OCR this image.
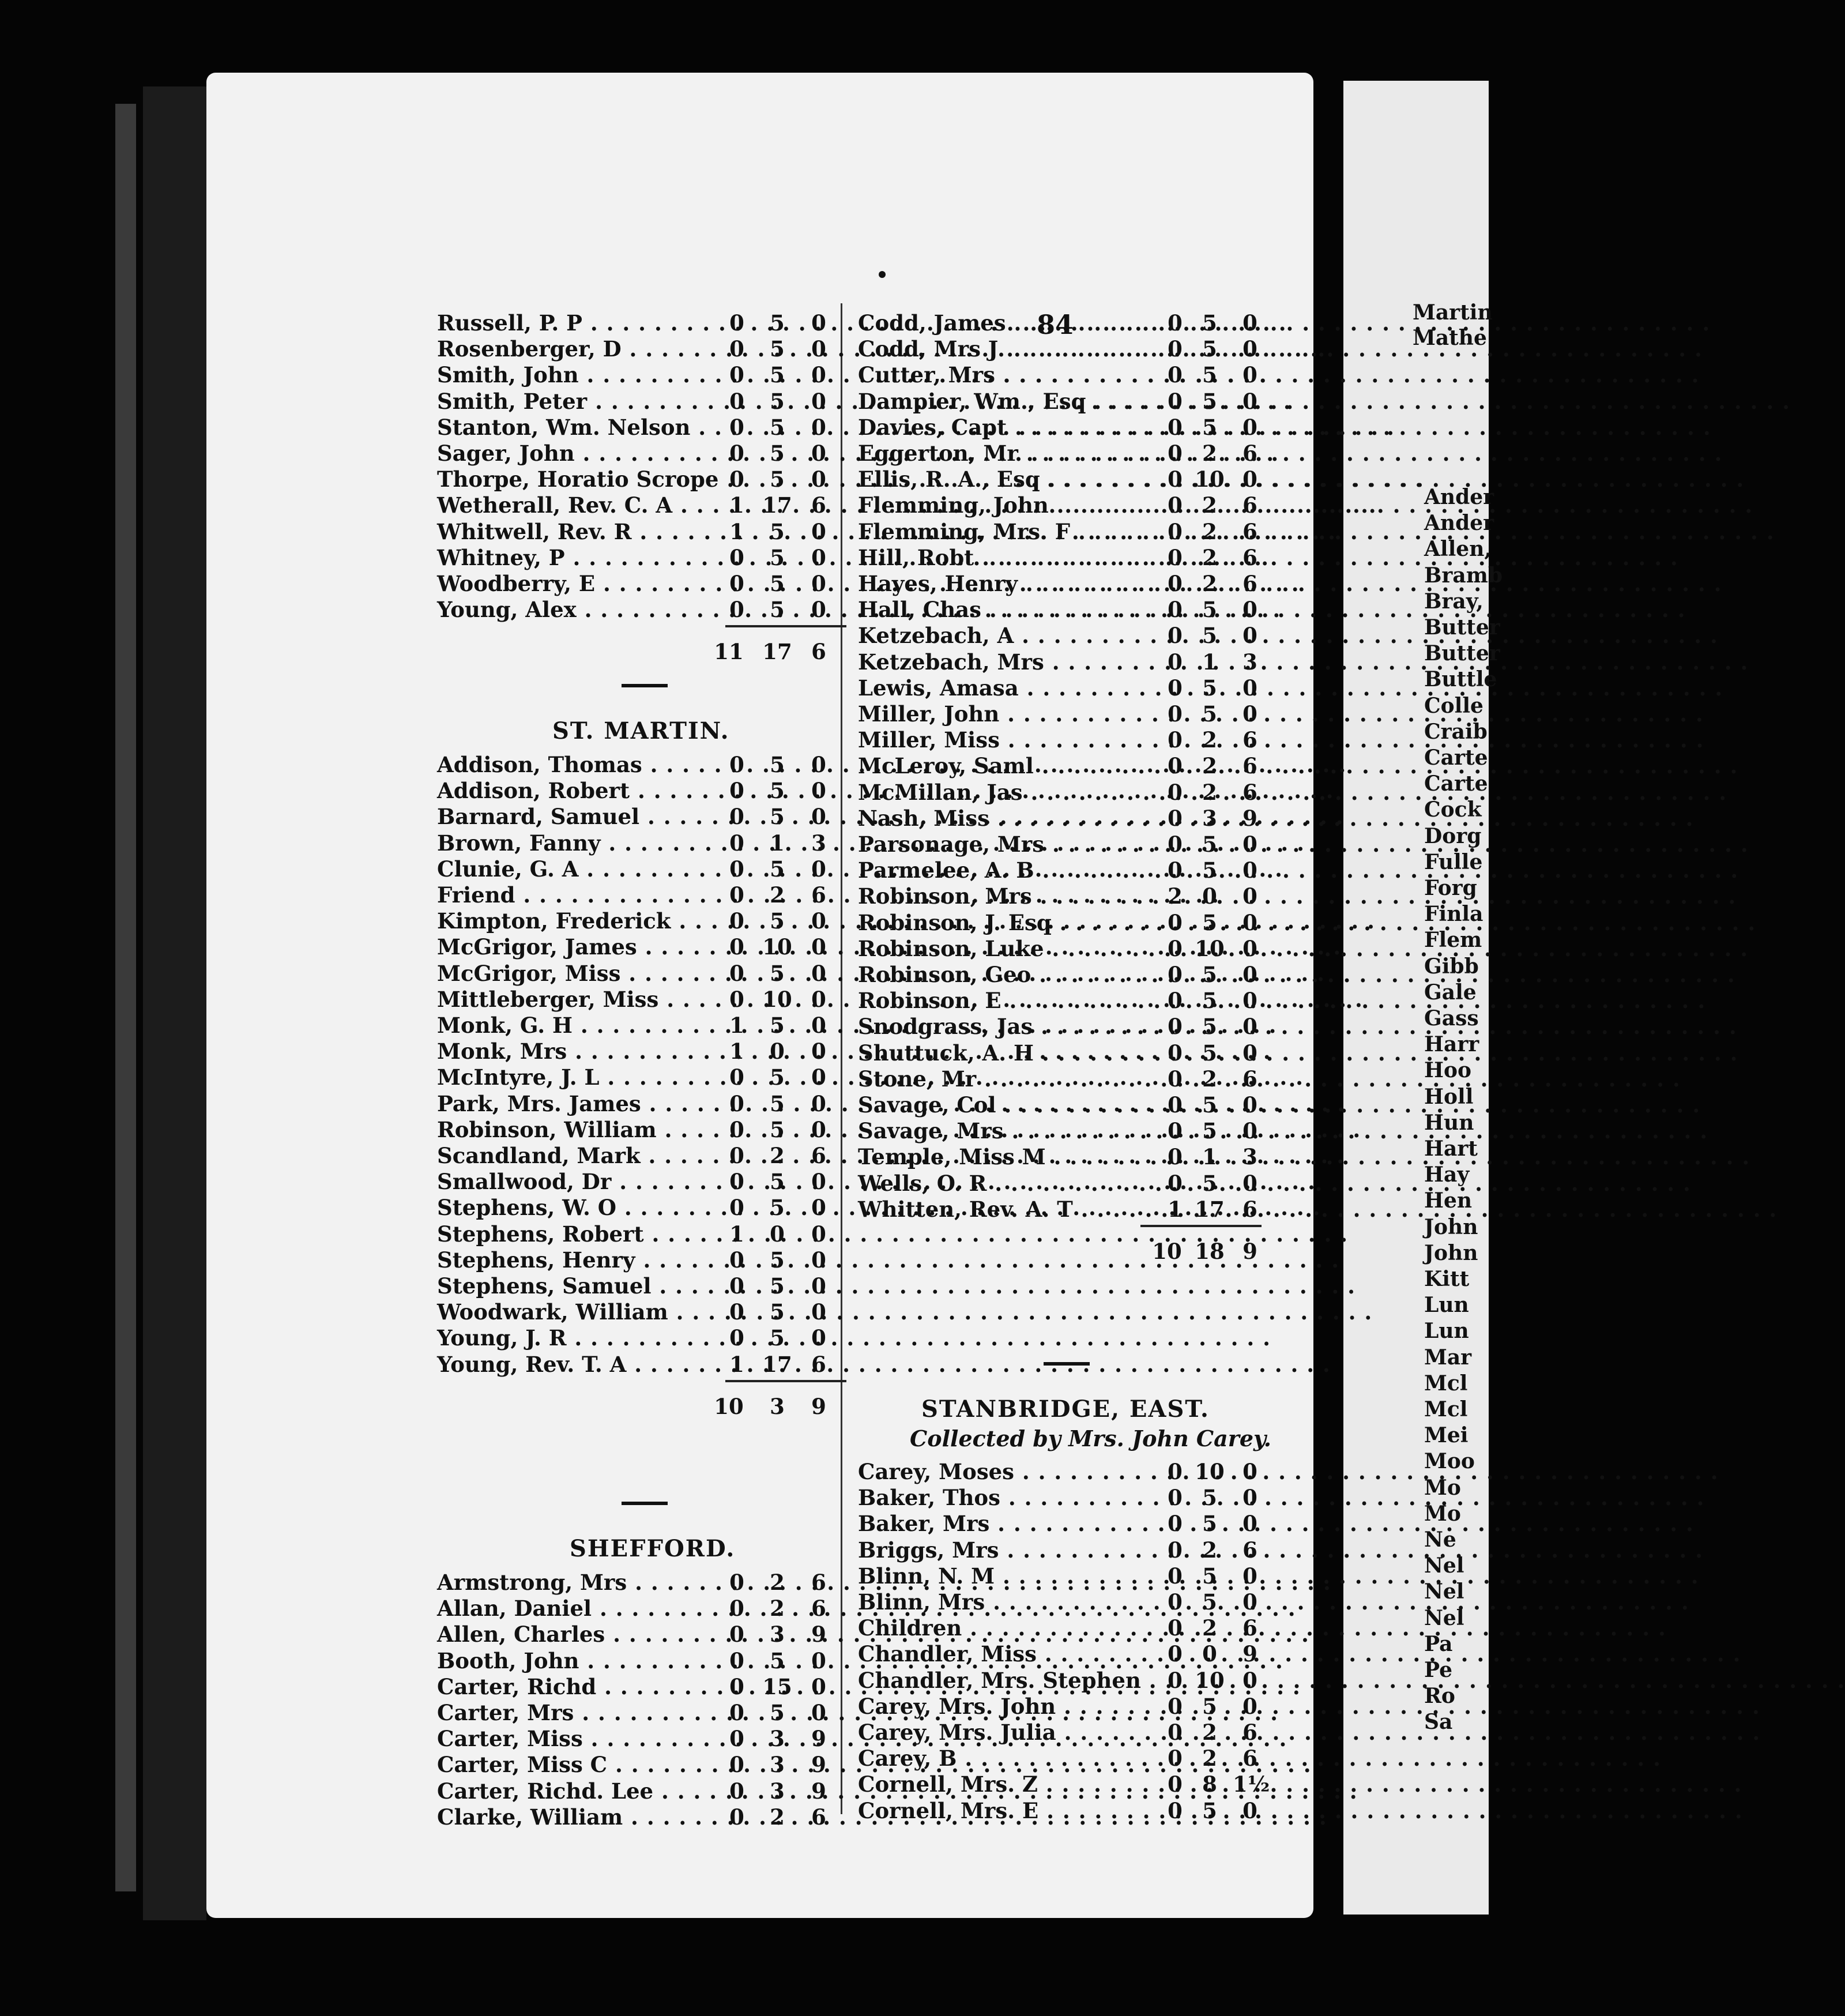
Martin
Mathe
Ander
Ander
Allen,
Bramb
Bray,
Butter
Butter
Buttle
Colle
Craib
Carte
Carte
Cock
Dorg
Fulle
Forg
Finla
Flem
Gibb
Gale
Gass
Harr
Hoo
Holl
Hun
Hart
Hay
Hen
John
John
Kitt
Lun
Lun
Mar
Mcl
Mcl
Mei
Moo
Mo
Mo
Ne
Nel
Nel
Nel
Pa
Pe
Ro
Sa
84
Russell, P. P . . .	0	5	0
Rosenberger, D . . .	0	5	0
Smith, John . . .	0	5	0
Smith, Peter . . .	0	5	0
Stanton, Wm. Nelson . . .	0	5	0
Sager, John . . .	0	5	0
Thorpe, Horatio Scrope . . . 0	5	0
Wetherall, Rev. C. A . . .	1 17 6
Whitwell, Rev. R . . .	1	5	0
Whitney, P . . .	0	5	0
Woodberry, E . . .	0	5	0
Young, Alex . . .	0	5	0
11 17 6
ST. MARTIN.
Addison, Thomas . . .	0	5	0
Addison, Robert . . .	0	5	0
Barnard, Samuel . . .	0	5	0
Brown, Fanny . . .	0	1	3
Clunie, G. A . . .	0	5	0
Friend . . .	0	2	6
Kimpton, Frederick . . .	0	5	0
McGrigor, James . . .	0 10 0
McGrigor, Miss . . .	0	5	0
Mittleberger, Miss . . .	0 10 0
Monk, G. H . . .	1	5	0
Monk, Mrs . . .	1	0	0
McIntyre, J. L . . .	0	5	0
Park, Mrs. James . . .	0	5	0
Robinson, William . . .	0	5	0
Scandland, Mark . . .	0	2	6
Smallwood, Dr . . .	0	5	0
Stephens, W. O . . .	0	5	0
Stephens, Robert . . .	1	0	0
Stephens, Henry . . .	0	5	0
Stephens, Samuel . . .	0	5	0
Woodwark, William . . .	0	5	0
Young, J. R . . .	0	5	0
Young, Rev. T. A . . .	1 17 6
10	3	9
SHEFFORD.
Armstrong, Mrs . . .	0	2	6
Allan, Daniel . . .	0	2	6
Allen, Charles . . .	0	3	9
Booth, John . . .	0	5	0
Carter, Richd . . .	0 15 0
Carter, Mrs . . .	0	5	0
Carter, Miss . . .	0	3	9
Carter, Miss C . . .	0	3	9
Carter, Richd. Lee . . .	0	3	9
Clarke, William . . .	0	2	6
Codd, James . . .	0 5	0
Codd, Mrs J . . .	0 5	0
Cutter, Mrs . . .	0 5	0
Dampier, Wm., Esq . . .	0 5	0
Davies, Capt . . .	0 5	0
Eggerton, Mr . . .	0 2	6
Ellis, R. A., Esq . . .	0 10 0
Flemming, John . . .	0 2	6
Flemming, Mrs. F . . .	0 2	6
Hill, Robt . . .	0 2	6
Hayes, Henry . . .	0 2	6
Hall, Chas . . .	0 5	0
Ketzebach, A . . .	0 5	0
Ketzebach, Mrs . . .	0 1	3
Lewis, Amasa . . .	0 5	0
Miller, John . . .	0 5	0
Miller, Miss . . .	0 2	6
McLeroy, Saml . . .	0 2	6
McMillan, Jas . . .	0 2	6
Nash, Miss . . .	0 3	9
Parsonage, Mrs . . .	0 5	0
Parmelee, A. B . . .	0 5	0
Robinson, Mrs . . .	2 0	0
Robinson, J. Esq . . .	0 5	0
Robinson, Luke . . .	0 10 0
Robinson, Geo . . .	0 5	0
Robinson, E . . .	0 5	0
Snodgrass, Jas . . .	0 5	0
Shuttuck, A. H . . .	0 5	0
Stone, Mr . . .	0 2	6
Savage, Col . . .	0 5	0
Savage, Mrs . . .	0 5	0
Temple, Miss M . . .	0 1	3
Wells, O. R . . .	0 5	0
Whitten, Rev. A. T . . .	1 17 6
10 18 9
STANBRIDGE, EAST.
Collected by Mrs. John Carey.
Carey, Moses . . .	0 10 0
Baker, Thos . . .	0 5	0
Baker, Mrs . . .	0 5	0
Briggs, Mrs . . .	0 2	6
Blinn, N. M . . .	0 5	0
Blinn, Mrs . . .	0 5	0
Children . . .	0 2	6
Chandler, Miss . . .	0 0	9
Chandler, Mrs. Stephen . . .	0 10 0
Carey, Mrs. John . . .	0 5	0
Carey, Mrs. Julia . . .	0 2	6
Carey, B . . .	0 2	6
Cornell, Mrs. Z . . .	0 8 1½
Cornell, Mrs. E . . .	0 5	0
